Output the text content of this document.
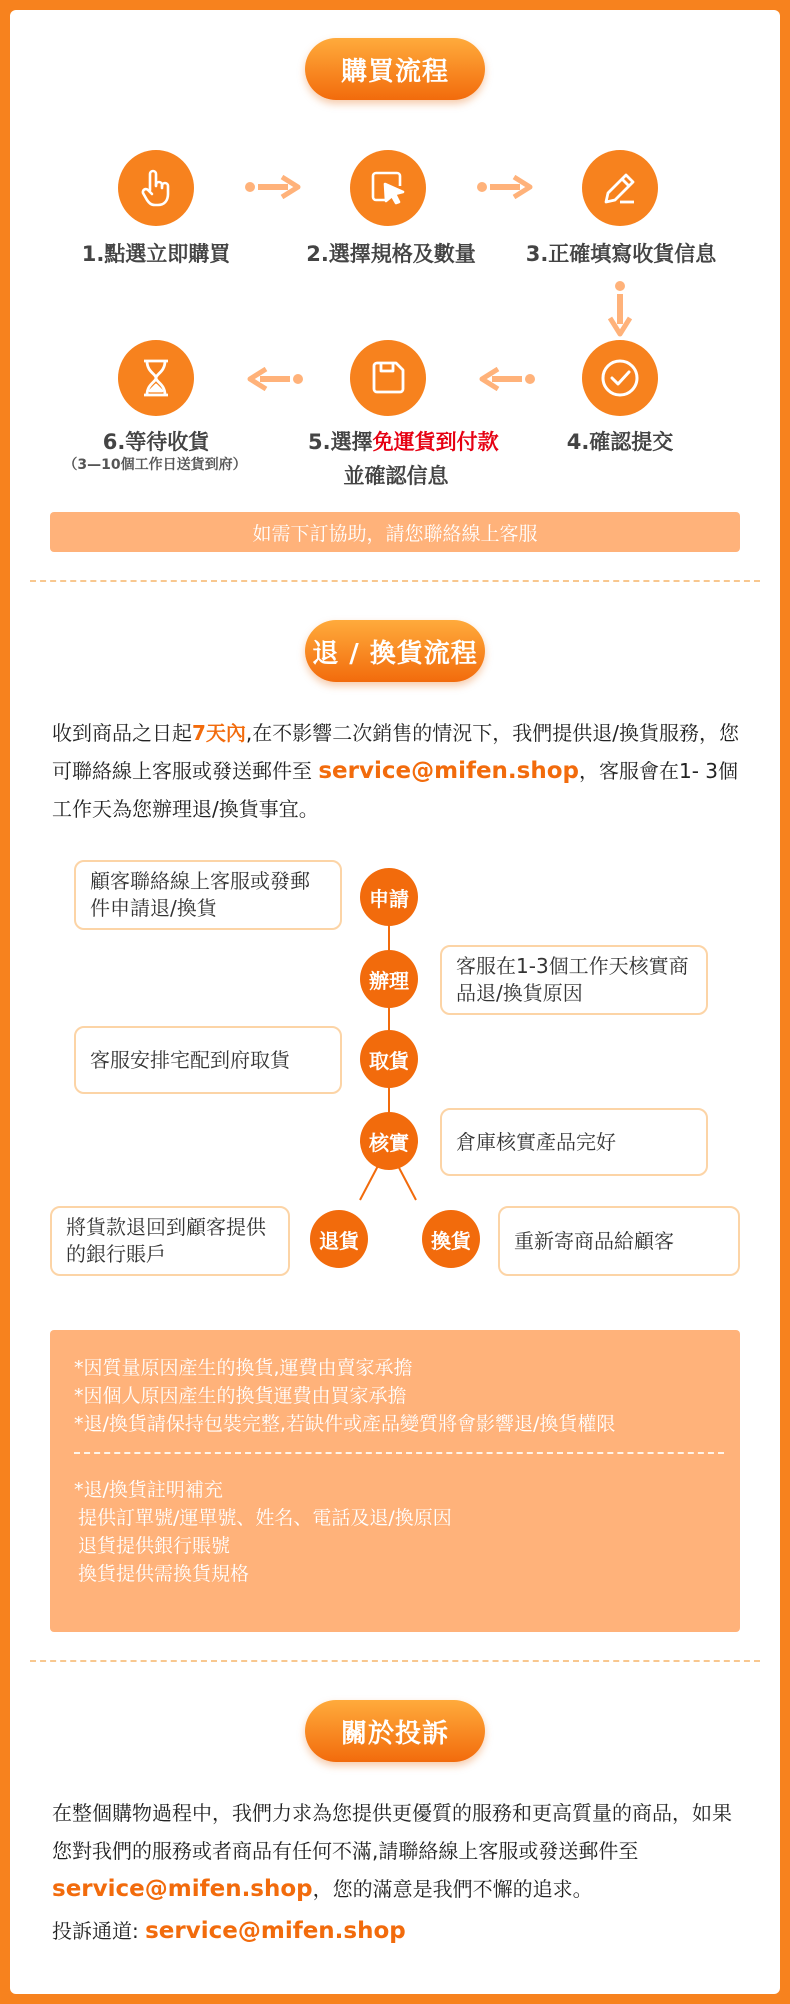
購買流程
1.點選立即購買	2.選擇規格及數量	3.正確填寫收貨信息
6.等待收貨
（3—10個工作日送貨到府）
5.選擇免運貨到付款
並確認信息
4.確認提交
如需下訂協助，請您聯絡線上客服
退 / 換貨流程
收到商品之日起7天內,在不影響二次銷售的情況下，我們提供退/換貨服務，您可聯絡線上客服或發送郵件至 service@mifen.shop，客服會在1- 3個工作天為您辦理退/換貨事宜。
顧客聯絡線上客服或發郵件申請退/換貨	申請
辦理
客服在1-3個工作天核實商品退/換貨原因
客服安排宅配到府取貨	取貨
核實	倉庫核實產品完好
將貨款退回到顧客提供的銀行賬戶
退貨	換貨	重新寄商品給顧客
*因質量原因產生的換貨,運費由賣家承擔
*因個人原因產生的換貨運費由買家承擔
*退/換貨請保持包裝完整,若缺件或產品變質將會影響退/換貨權限
*退/換貨註明補充
提供訂單號/運單號、姓名、電話及退/換原因
退貨提供銀行賬號
換貨提供需換貨規格
關於投訴
在整個購物過程中，我們力求為您提供更優質的服務和更高質量的商品，如果您對我們的服務或者商品有任何不滿,請聯絡線上客服或發送郵件至service@mifen.shop，您的滿意是我們不懈的追求。
投訴通道: service@mifen.shop
